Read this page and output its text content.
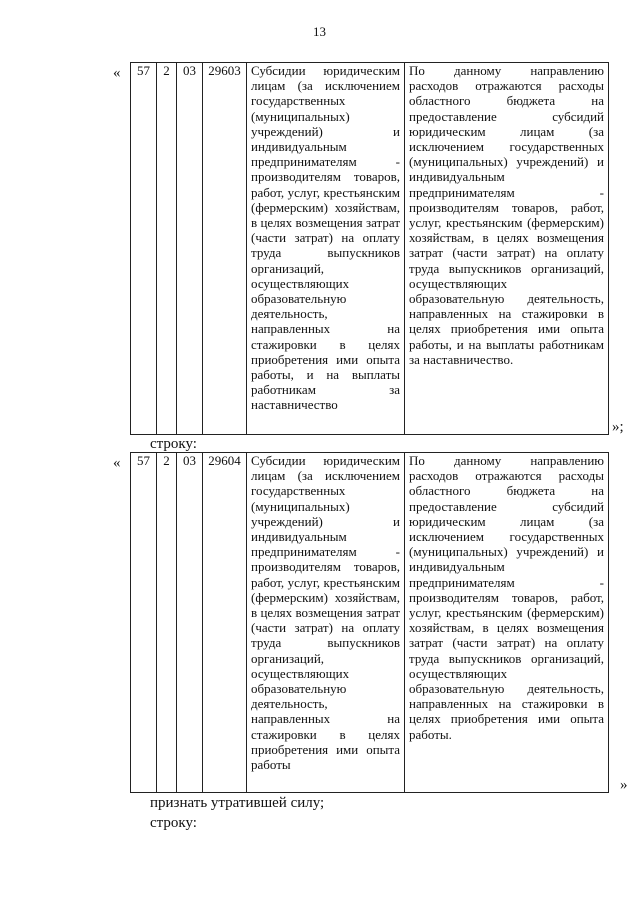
13
« 57	2	03	29603	Субсидии юридическим лицам (за исключением государственных (муниципальных) учреждений) и индивидуальным предпринимателям - производителям товаров, работ, услуг, крестьянским (фермерским) хозяйствам, в целях возмещения затрат (части затрат) на оплату труда выпускников организаций, осуществляющих образовательную деятельность, направленных на стажировки в целях приобретения ими опыта работы, и на выплаты работникам за наставничество	По данному направлению расходов отражаются расходы областного бюджета на предоставление субсидий юридическим лицам (за исключением государственных (муниципальных) учреждений) и индивидуальным предпринимателям - производителям товаров, работ, услуг, крестьянским (фермерским) хозяйствам, в целях возмещения затрат (части затрат) на оплату труда выпускников организаций, осуществляющих образовательную деятельность, направленных на стажировки в целях приобретения ими опыта работы, и на выплаты работникам за наставничество.
»;
строку:
« 57	2	03	29604	Субсидии юридическим лицам (за исключением государственных (муниципальных) учреждений) и индивидуальным предпринимателям - производителям товаров, работ, услуг, крестьянским (фермерским) хозяйствам, в целях возмещения затрат (части затрат) на оплату труда выпускников организаций, осуществляющих образовательную деятельность, направленных на стажировки в целях приобретения ими опыта работы	По данному направлению расходов отражаются расходы областного бюджета на предоставление субсидий юридическим лицам (за исключением государственных (муниципальных) учреждений) и индивидуальным предпринимателям - производителям товаров, работ, услуг, крестьянским (фермерским) хозяйствам, в целях возмещения затрат (части затрат) на оплату труда выпускников организаций, осуществляющих образовательную деятельность, направленных на стажировки в целях приобретения ими опыта работы.
»
признать утратившей силу;
строку:
